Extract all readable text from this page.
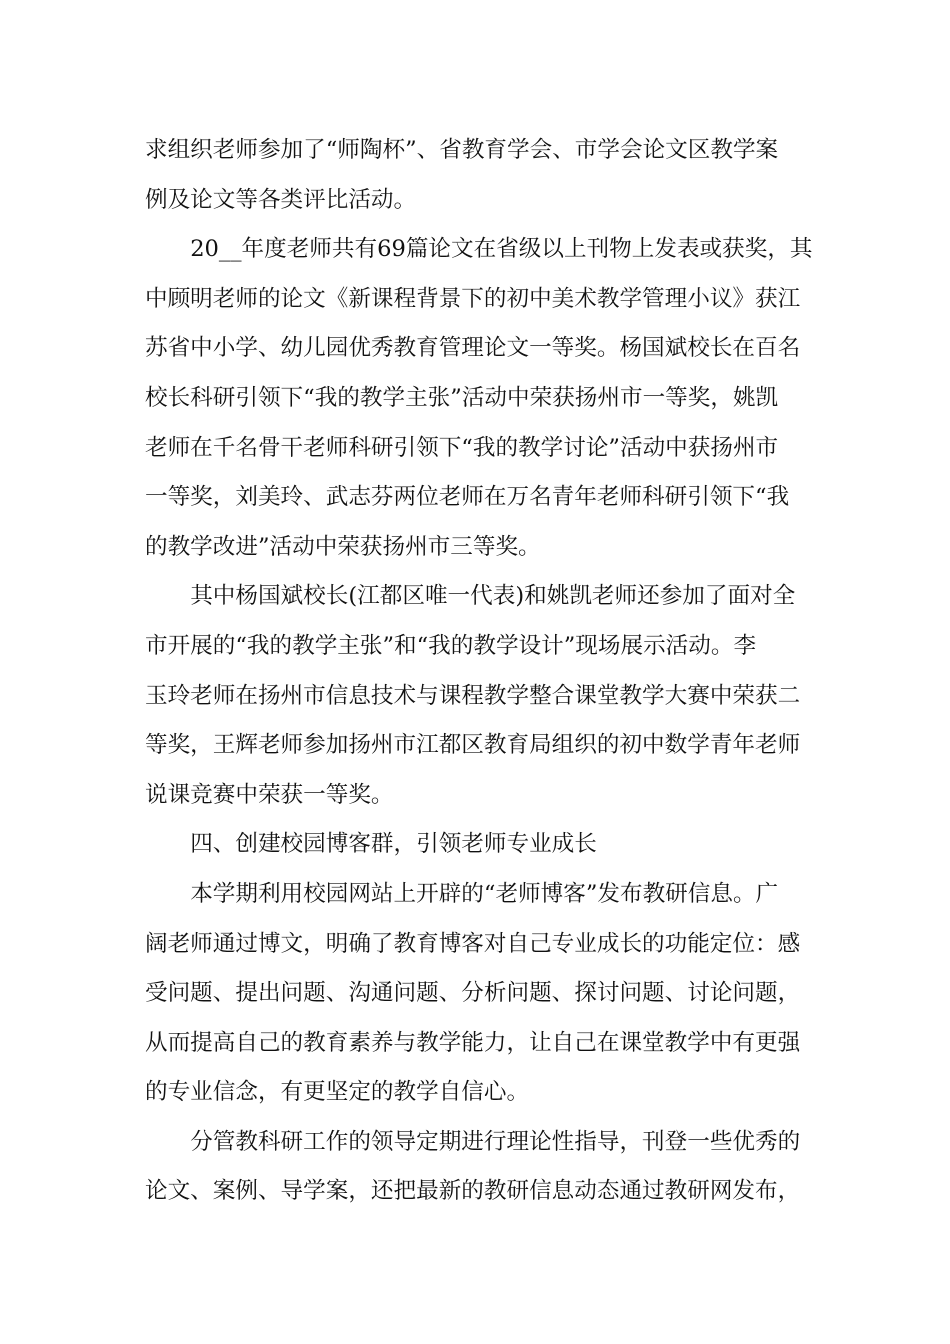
求组织老师参加了“师陶杯”、省教育学会、市学会论文区教学案
例及论文等各类评比活动。

20__年度老师共有69篇论文在省级以上刊物上发表或获奖，其
中顾明老师的论文《新课程背景下的初中美术教学管理小议》获江
苏省中小学、幼儿园优秀教育管理论文一等奖。杨国斌校长在百名
校长科研引领下“我的教学主张”活动中荣获扬州市一等奖，姚凯
老师在千名骨干老师科研引领下“我的教学讨论”活动中获扬州市
一等奖，刘美玲、武志芬两位老师在万名青年老师科研引领下“我
的教学改进”活动中荣获扬州市三等奖。

其中杨国斌校长(江都区唯一代表)和姚凯老师还参加了面对全
市开展的“我的教学主张”和“我的教学设计”现场展示活动。李
玉玲老师在扬州市信息技术与课程教学整合课堂教学大赛中荣获二
等奖，王辉老师参加扬州市江都区教育局组织的初中数学青年老师
说课竞赛中荣获一等奖。

四、创建校园博客群，引领老师专业成长

本学期利用校园网站上开辟的“老师博客”发布教研信息。广
阔老师通过博文，明确了教育博客对自己专业成长的功能定位：感
受问题、提出问题、沟通问题、分析问题、探讨问题、讨论问题，
从而提高自己的教育素养与教学能力，让自己在课堂教学中有更强
的专业信念，有更坚定的教学自信心。

分管教科研工作的领导定期进行理论性指导，刊登一些优秀的
论文、案例、导学案，还把最新的教研信息动态通过教研网发布，
